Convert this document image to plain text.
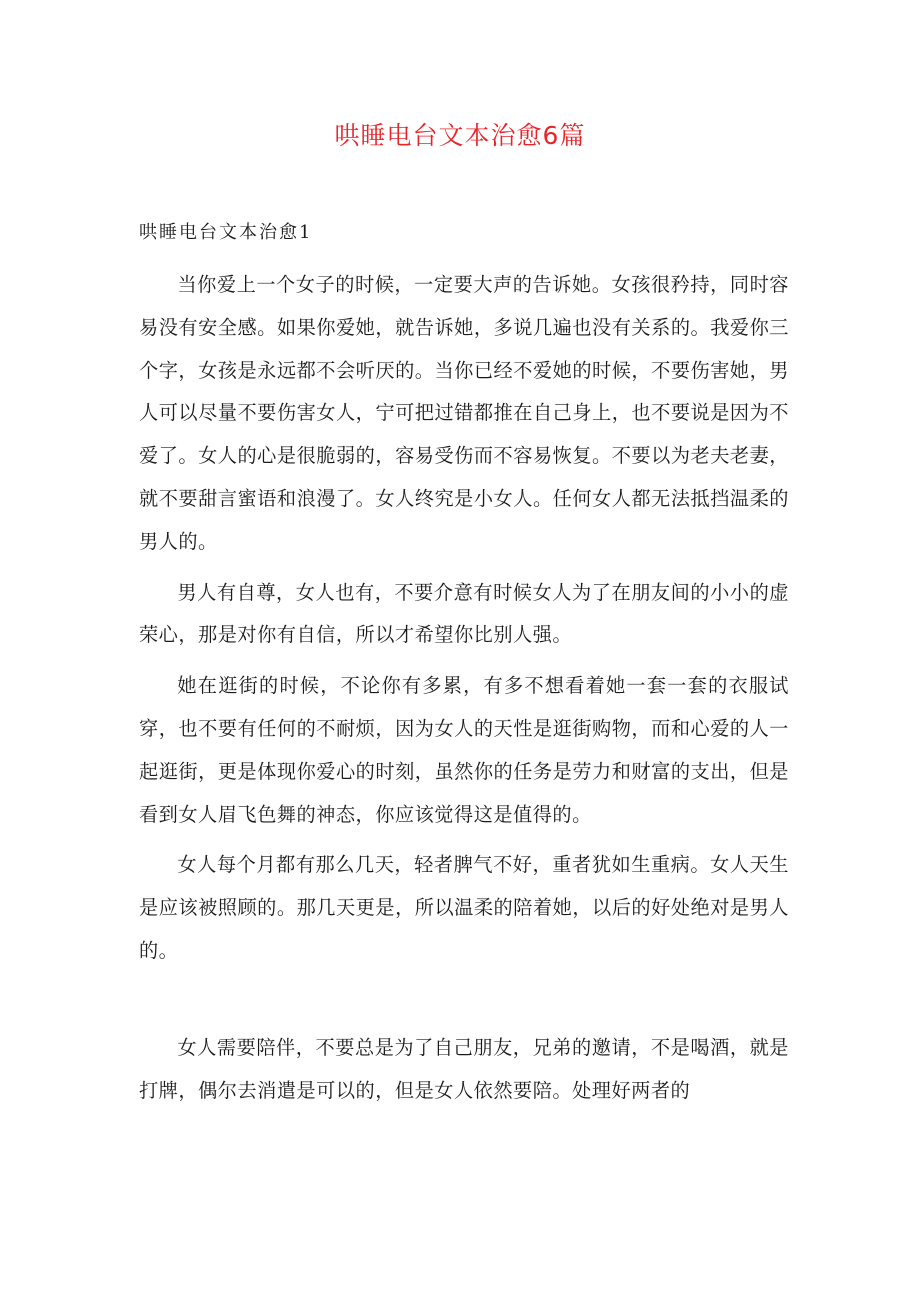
哄睡电台文本治愈6篇
哄睡电台文本治愈1

当你爱上一个女子的时候，一定要大声的告诉她。女孩很矜持，同时容易没有安全感。如果你爱她，就告诉她，多说几遍也没有关系的。我爱你三个字，女孩是永远都不会听厌的。当你已经不爱她的时候，不要伤害她，男人可以尽量不要伤害女人，宁可把过错都推在自己身上，也不要说是因为不爱了。女人的心是很脆弱的，容易受伤而不容易恢复。不要以为老夫老妻，就不要甜言蜜语和浪漫了。女人终究是小女人。任何女人都无法抵挡温柔的男人的。

男人有自尊，女人也有，不要介意有时候女人为了在朋友间的小小的虚荣心，那是对你有自信，所以才希望你比别人强。

她在逛街的时候，不论你有多累，有多不想看着她一套一套的衣服试穿，也不要有任何的不耐烦，因为女人的天性是逛街购物，而和心爱的人一起逛街，更是体现你爱心的时刻，虽然你的任务是劳力和财富的支出，但是看到女人眉飞色舞的神态，你应该觉得这是值得的。

女人每个月都有那么几天，轻者脾气不好，重者犹如生重病。女人天生是应该被照顾的。那几天更是，所以温柔的陪着她，以后的好处绝对是男人的。

女人需要陪伴，不要总是为了自己朋友，兄弟的邀请，不是喝酒，就是打牌，偶尔去消遣是可以的，但是女人依然要陪。处理好两者的
